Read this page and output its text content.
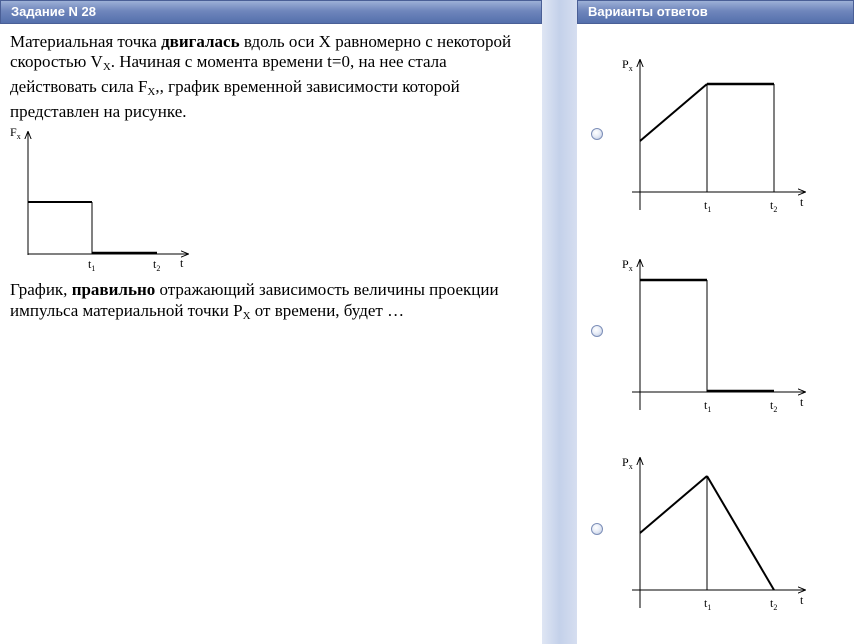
Задание N 28	Варианты ответов

Материальная точка двигалась вдоль оси X равномерно с некоторой скоростью $V_X$. Начиная с момента времени t=0, на нее стала действовать сила $F_X$,, график временной зависимости которой представлен на рисунке.

$F_x$
t
$t_1$	$t_2$
График, правильно отражающий зависимость величины проекции импульса материальной точки $P_X$ от времени, будет …
$P_x$
t
$t_1$	$t_2$
$P_x$
t
$t_1$	$t_2$
$P_x$
t
$t_1$	$t_2$
